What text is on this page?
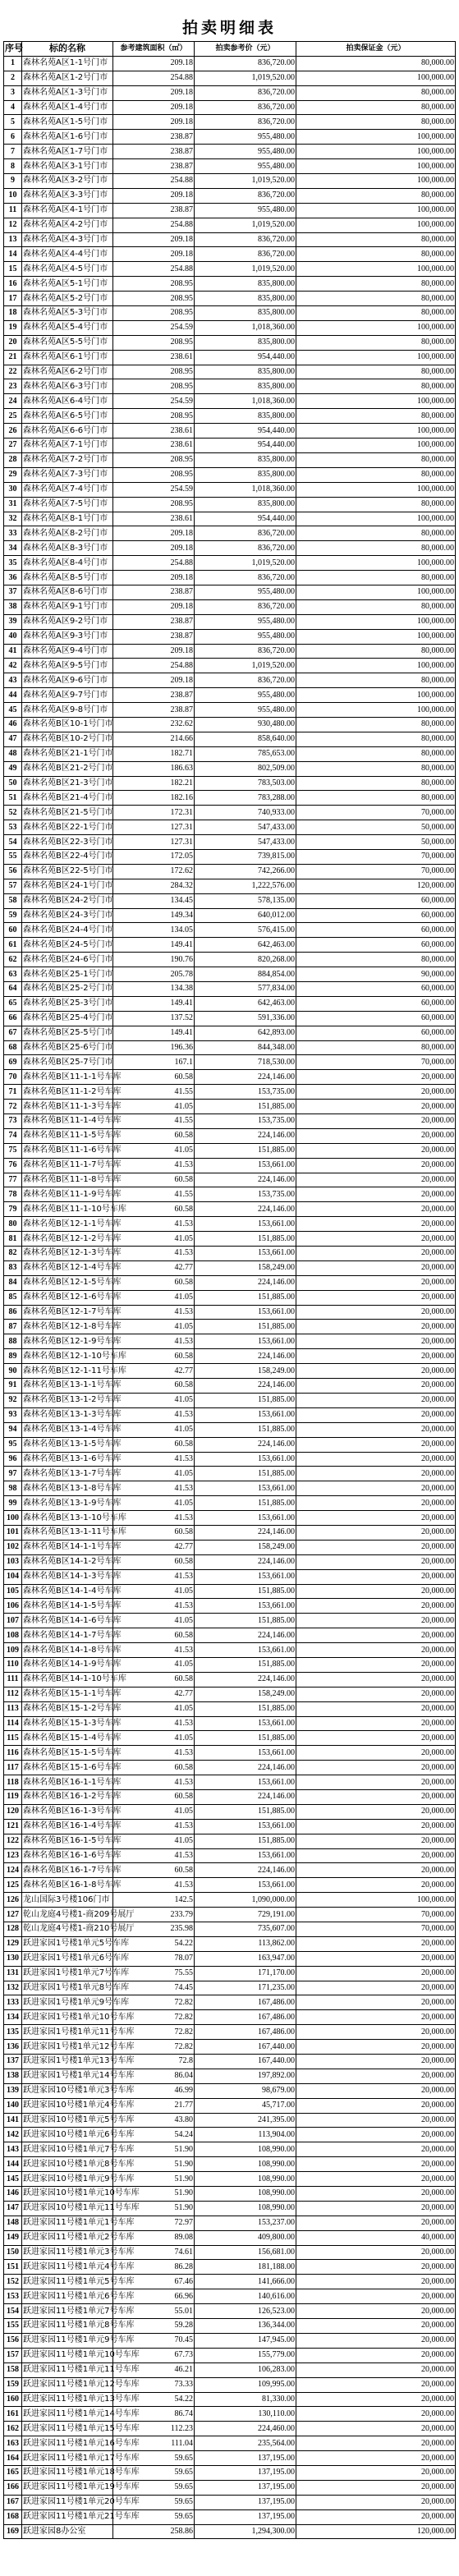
拍卖明细表
序号	标的名称	参考建筑面积（㎡）	拍卖参考价（元）	拍卖保证金（元）
1	森林名苑A区1-1号门市	209.18	836,720.00	80,000.00
2	森林名苑A区1-2号门市	254.88	1,019,520.00	100,000.00
3	森林名苑A区1-3号门市	209.18	836,720.00	80,000.00
4	森林名苑A区1-4号门市	209.18	836,720.00	80,000.00
5	森林名苑A区1-5号门市	209.18	836,720.00	80,000.00
6	森林名苑A区1-6号门市	238.87	955,480.00	100,000.00
7	森林名苑A区1-7号门市	238.87	955,480.00	100,000.00
8	森林名苑A区3-1号门市	238.87	955,480.00	100,000.00
9	森林名苑A区3-2号门市	254.88	1,019,520.00	100,000.00
10	森林名苑A区3-3号门市	209.18	836,720.00	80,000.00
11	森林名苑A区4-1号门市	238.87	955,480.00	100,000.00
12	森林名苑A区4-2号门市	254.88	1,019,520.00	100,000.00
13	森林名苑A区4-3号门市	209.18	836,720.00	80,000.00
14	森林名苑A区4-4号门市	209.18	836,720.00	80,000.00
15	森林名苑A区4-5号门市	254.88	1,019,520.00	100,000.00
16	森林名苑A区5-1号门市	208.95	835,800.00	80,000.00
17	森林名苑A区5-2号门市	208.95	835,800.00	80,000.00
18	森林名苑A区5-3号门市	208.95	835,800.00	80,000.00
19	森林名苑A区5-4号门市	254.59	1,018,360.00	100,000.00
20	森林名苑A区5-5号门市	208.95	835,800.00	80,000.00
21	森林名苑A区6-1号门市	238.61	954,440.00	100,000.00
22	森林名苑A区6-2号门市	208.95	835,800.00	80,000.00
23	森林名苑A区6-3号门市	208.95	835,800.00	80,000.00
24	森林名苑A区6-4号门市	254.59	1,018,360.00	100,000.00
25	森林名苑A区6-5号门市	208.95	835,800.00	80,000.00
26	森林名苑A区6-6号门市	238.61	954,440.00	100,000.00
27	森林名苑A区7-1号门市	238.61	954,440.00	100,000.00
28	森林名苑A区7-2号门市	208.95	835,800.00	80,000.00
29	森林名苑A区7-3号门市	208.95	835,800.00	80,000.00
30	森林名苑A区7-4号门市	254.59	1,018,360.00	100,000.00
31	森林名苑A区7-5号门市	208.95	835,800.00	80,000.00
32	森林名苑A区8-1号门市	238.61	954,440.00	100,000.00
33	森林名苑A区8-2号门市	209.18	836,720.00	80,000.00
34	森林名苑A区8-3号门市	209.18	836,720.00	80,000.00
35	森林名苑A区8-4号门市	254.88	1,019,520.00	100,000.00
36	森林名苑A区8-5号门市	209.18	836,720.00	80,000.00
37	森林名苑A区8-6号门市	238.87	955,480.00	100,000.00
38	森林名苑A区9-1号门市	209.18	836,720.00	80,000.00
39	森林名苑A区9-2号门市	238.87	955,480.00	100,000.00
40	森林名苑A区9-3号门市	238.87	955,480.00	100,000.00
41	森林名苑A区9-4号门市	209.18	836,720.00	80,000.00
42	森林名苑A区9-5号门市	254.88	1,019,520.00	100,000.00
43	森林名苑A区9-6号门市	209.18	836,720.00	80,000.00
44	森林名苑A区9-7号门市	238.87	955,480.00	100,000.00
45	森林名苑A区9-8号门市	238.87	955,480.00	100,000.00
46	森林名苑B区10-1号门市	232.62	930,480.00	80,000.00
47	森林名苑B区10-2号门市	214.66	858,640.00	80,000.00
48	森林名苑B区21-1号门市	182.71	785,653.00	80,000.00
49	森林名苑B区21-2号门市	186.63	802,509.00	80,000.00
50	森林名苑B区21-3号门市	182.21	783,503.00	80,000.00
51	森林名苑B区21-4号门市	182.16	783,288.00	80,000.00
52	森林名苑B区21-5号门市	172.31	740,933.00	70,000.00
53	森林名苑B区22-1号门市	127.31	547,433.00	50,000.00
54	森林名苑B区22-3号门市	127.31	547,433.00	50,000.00
55	森林名苑B区22-4号门市	172.05	739,815.00	70,000.00
56	森林名苑B区22-5号门市	172.62	742,266.00	70,000.00
57	森林名苑B区24-1号门市	284.32	1,222,576.00	120,000.00
58	森林名苑B区24-2号门市	134.45	578,135.00	60,000.00
59	森林名苑B区24-3号门市	149.34	640,012.00	60,000.00
60	森林名苑B区24-4号门市	134.05	576,415.00	60,000.00
61	森林名苑B区24-5号门市	149.41	642,463.00	60,000.00
62	森林名苑B区24-6号门市	190.76	820,268.00	80,000.00
63	森林名苑B区25-1号门市	205.78	884,854.00	90,000.00
64	森林名苑B区25-2号门市	134.38	577,834.00	60,000.00
65	森林名苑B区25-3号门市	149.41	642,463.00	60,000.00
66	森林名苑B区25-4号门市	137.52	591,336.00	60,000.00
67	森林名苑B区25-5号门市	149.41	642,893.00	60,000.00
68	森林名苑B区25-6号门市	196.36	844,348.00	80,000.00
69	森林名苑B区25-7号门市	167.1	718,530.00	70,000.00
70	森林名苑B区11-1-1号车库	60.58	224,146.00	20,000.00
71	森林名苑B区11-1-2号车库	41.55	153,735.00	20,000.00
72	森林名苑B区11-1-3号车库	41.05	151,885.00	20,000.00
73	森林名苑B区11-1-4号车库	41.55	153,735.00	20,000.00
74	森林名苑B区11-1-5号车库	60.58	224,146.00	20,000.00
75	森林名苑B区11-1-6号车库	41.05	151,885.00	20,000.00
76	森林名苑B区11-1-7号车库	41.53	153,661.00	20,000.00
77	森林名苑B区11-1-8号车库	60.58	224,146.00	20,000.00
78	森林名苑B区11-1-9号车库	41.55	153,735.00	20,000.00
79	森林名苑B区11-1-10号车库	60.58	224,146.00	20,000.00
80	森林名苑B区12-1-1号车库	41.53	153,661.00	20,000.00
81	森林名苑B区12-1-2号车库	41.05	151,885.00	20,000.00
82	森林名苑B区12-1-3号车库	41.53	153,661.00	20,000.00
83	森林名苑B区12-1-4号车库	42.77	158,249.00	20,000.00
84	森林名苑B区12-1-5号车库	60.58	224,146.00	20,000.00
85	森林名苑B区12-1-6号车库	41.05	151,885.00	20,000.00
86	森林名苑B区12-1-7号车库	41.53	153,661.00	20,000.00
87	森林名苑B区12-1-8号车库	41.05	151,885.00	20,000.00
88	森林名苑B区12-1-9号车库	41.53	153,661.00	20,000.00
89	森林名苑B区12-1-10号车库	60.58	224,146.00	20,000.00
90	森林名苑B区12-1-11号车库	42.77	158,249.00	20,000.00
91	森林名苑B区13-1-1号车库	60.58	224,146.00	20,000.00
92	森林名苑B区13-1-2号车库	41.05	151,885.00	20,000.00
93	森林名苑B区13-1-3号车库	41.53	153,661.00	20,000.00
94	森林名苑B区13-1-4号车库	41.05	151,885.00	20,000.00
95	森林名苑B区13-1-5号车库	60.58	224,146.00	20,000.00
96	森林名苑B区13-1-6号车库	41.53	153,661.00	20,000.00
97	森林名苑B区13-1-7号车库	41.05	151,885.00	20,000.00
98	森林名苑B区13-1-8号车库	41.53	153,661.00	20,000.00
99	森林名苑B区13-1-9号车库	41.05	151,885.00	20,000.00
100	森林名苑B区13-1-10号车库	41.53	153,661.00	20,000.00
101	森林名苑B区13-1-11号车库	60.58	224,146.00	20,000.00
102	森林名苑B区14-1-1号车库	42.77	158,249.00	20,000.00
103	森林名苑B区14-1-2号车库	60.58	224,146.00	20,000.00
104	森林名苑B区14-1-3号车库	41.53	153,661.00	20,000.00
105	森林名苑B区14-1-4号车库	41.05	151,885.00	20,000.00
106	森林名苑B区14-1-5号车库	41.53	153,661.00	20,000.00
107	森林名苑B区14-1-6号车库	41.05	151,885.00	20,000.00
108	森林名苑B区14-1-7号车库	60.58	224,146.00	20,000.00
109	森林名苑B区14-1-8号车库	41.53	153,661.00	20,000.00
110	森林名苑B区14-1-9号车库	41.05	151,885.00	20,000.00
111	森林名苑B区14-1-10号车库	60.58	224,146.00	20,000.00
112	森林名苑B区15-1-1号车库	42.77	158,249.00	20,000.00
113	森林名苑B区15-1-2号车库	41.05	151,885.00	20,000.00
114	森林名苑B区15-1-3号车库	41.53	153,661.00	20,000.00
115	森林名苑B区15-1-4号车库	41.05	151,885.00	20,000.00
116	森林名苑B区15-1-5号车库	41.53	153,661.00	20,000.00
117	森林名苑B区15-1-6号车库	60.58	224,146.00	20,000.00
118	森林名苑B区16-1-1号车库	41.53	153,661.00	20,000.00
119	森林名苑B区16-1-2号车库	60.58	224,146.00	20,000.00
120	森林名苑B区16-1-3号车库	41.05	151,885.00	20,000.00
121	森林名苑B区16-1-4号车库	41.53	153,661.00	20,000.00
122	森林名苑B区16-1-5号车库	41.05	151,885.00	20,000.00
123	森林名苑B区16-1-6号车库	41.53	153,661.00	20,000.00
124	森林名苑B区16-1-7号车库	60.58	224,146.00	20,000.00
125	森林名苑B区16-1-8号车库	41.53	153,661.00	20,000.00
126	龙山国际3号楼106门市	142.5	1,090,000.00	100,000.00
127	乾山龙庭4号楼1-商209号展厅	233.79	729,191.00	70,000.00
128	乾山龙庭4号楼1-商210号展厅	235.98	735,607.00	70,000.00
129	跃进家园1号楼1单元5号车库	54.22	113,862.00	20,000.00
130	跃进家园1号楼1单元6号车库	78.07	163,947.00	20,000.00
131	跃进家园1号楼1单元7号车库	75.55	171,170.00	20,000.00
132	跃进家园1号楼1单元8号车库	74.45	171,235.00	20,000.00
133	跃进家园1号楼1单元9号车库	72.82	167,486.00	20,000.00
134	跃进家园1号楼1单元10号车库	72.82	167,486.00	20,000.00
135	跃进家园1号楼1单元11号车库	72.82	167,486.00	20,000.00
136	跃进家园1号楼1单元12号车库	72.82	167,440.00	20,000.00
137	跃进家园1号楼1单元13号车库	72.8	167,440.00	20,000.00
138	跃进家园1号楼1单元14号车库	86.04	197,892.00	20,000.00
139	跃进家园10号楼1单元3号车库	46.99	98,679.00	20,000.00
140	跃进家园10号楼1单元4号车库	21.77	45,717.00	20,000.00
141	跃进家园10号楼1单元5号车库	43.80	241,395.00	20,000.00
142	跃进家园10号楼1单元6号车库	54.24	113,904.00	20,000.00
143	跃进家园10号楼1单元7号车库	51.90	108,990.00	20,000.00
144	跃进家园10号楼1单元8号车库	51.90	108,990.00	20,000.00
145	跃进家园10号楼1单元9号车库	51.90	108,990.00	20,000.00
146	跃进家园10号楼1单元10号车库	51.90	108,990.00	20,000.00
147	跃进家园10号楼1单元11号车库	51.90	108,990.00	20,000.00
148	跃进家园11号楼1单元1号车库	72.97	153,237.00	20,000.00
149	跃进家园11号楼1单元2号车库	89.08	409,800.00	40,000.00
150	跃进家园11号楼1单元3号车库	74.61	156,681.00	20,000.00
151	跃进家园11号楼1单元4号车库	86.28	181,188.00	20,000.00
152	跃进家园11号楼1单元5号车库	67.46	141,666.00	20,000.00
153	跃进家园11号楼1单元6号车库	66.96	140,616.00	20,000.00
154	跃进家园11号楼1单元7号车库	55.01	126,523.00	20,000.00
155	跃进家园11号楼1单元8号车库	59.28	136,344.00	20,000.00
156	跃进家园11号楼1单元9号车库	70.45	147,945.00	20,000.00
157	跃进家园11号楼1单元10号车库	67.73	155,779.00	20,000.00
158	跃进家园11号楼1单元11号车库	46.21	106,283.00	20,000.00
159	跃进家园11号楼1单元12号车库	73.33	109,995.00	20,000.00
160	跃进家园11号楼1单元13号车库	54.22	81,330.00	20,000.00
161	跃进家园11号楼1单元14号车库	86.74	130,110.00	20,000.00
162	跃进家园11号楼1单元15号车库	112.23	224,460.00	20,000.00
163	跃进家园11号楼1单元16号车库	111.04	235,564.00	20,000.00
164	跃进家园11号楼1单元17号车库	59.65	137,195.00	20,000.00
165	跃进家园11号楼1单元18号车库	59.65	137,195.00	20,000.00
166	跃进家园11号楼1单元19号车库	59.65	137,195.00	20,000.00
167	跃进家园11号楼1单元20号车库	59.65	137,195.00	20,000.00
168	跃进家园11号楼1单元21号车库	59.65	137,195.00	20,000.00
169	跃进家园8办公室	258.86	1,294,300.00	120,000.00
